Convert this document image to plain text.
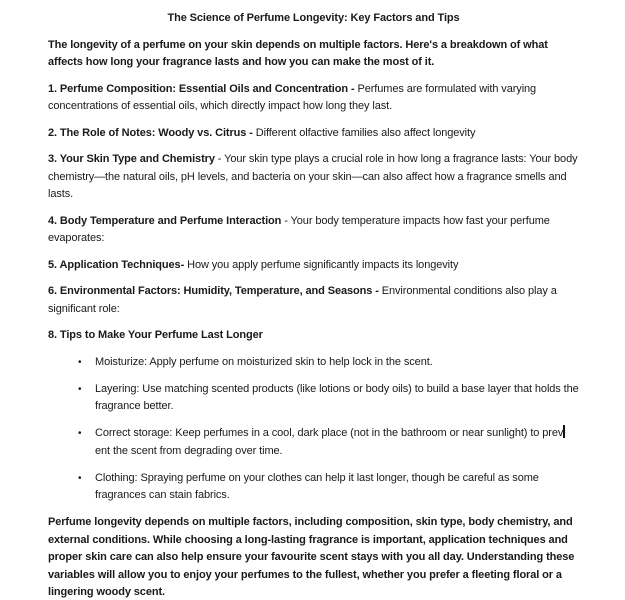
The Science of Perfume Longevity: Key Factors and Tips

The longevity of a perfume on your skin depends on multiple factors. Here's a breakdown of what affects how long your fragrance lasts and how you can make the most of it.

1. Perfume Composition: Essential Oils and Concentration - Perfumes are formulated with varying concentrations of essential oils, which directly impact how long they last.

2. The Role of Notes: Woody vs. Citrus - Different olfactive families also affect longevity

3. Your Skin Type and Chemistry - Your skin type plays a crucial role in how long a fragrance lasts: Your body chemistry—the natural oils, pH levels, and bacteria on your skin—can also affect how a fragrance smells and lasts.

4. Body Temperature and Perfume Interaction - Your body temperature impacts how fast your perfume evaporates:

5. Application Techniques- How you apply perfume significantly impacts its longevity

6. Environmental Factors: Humidity, Temperature, and Seasons - Environmental conditions also play a significant role:

8. Tips to Make Your Perfume Last Longer

•	Moisturize: Apply perfume on moisturized skin to help lock in the scent.
•	Layering: Use matching scented products (like lotions or body oils) to build a base layer that holds the fragrance better.
•	Correct storage: Keep perfumes in a cool, dark place (not in the bathroom or near sunlight) to prevent the scent from degrading over time.
•	Clothing: Spraying perfume on your clothes can help it last longer, though be careful as some fragrances can stain fabrics.

Perfume longevity depends on multiple factors, including composition, skin type, body chemistry, and external conditions. While choosing a long-lasting fragrance is important, application techniques and proper skin care can also help ensure your favourite scent stays with you all day. Understanding these variables will allow you to enjoy your perfumes to the fullest, whether you prefer a fleeting floral or a lingering woody scent.
